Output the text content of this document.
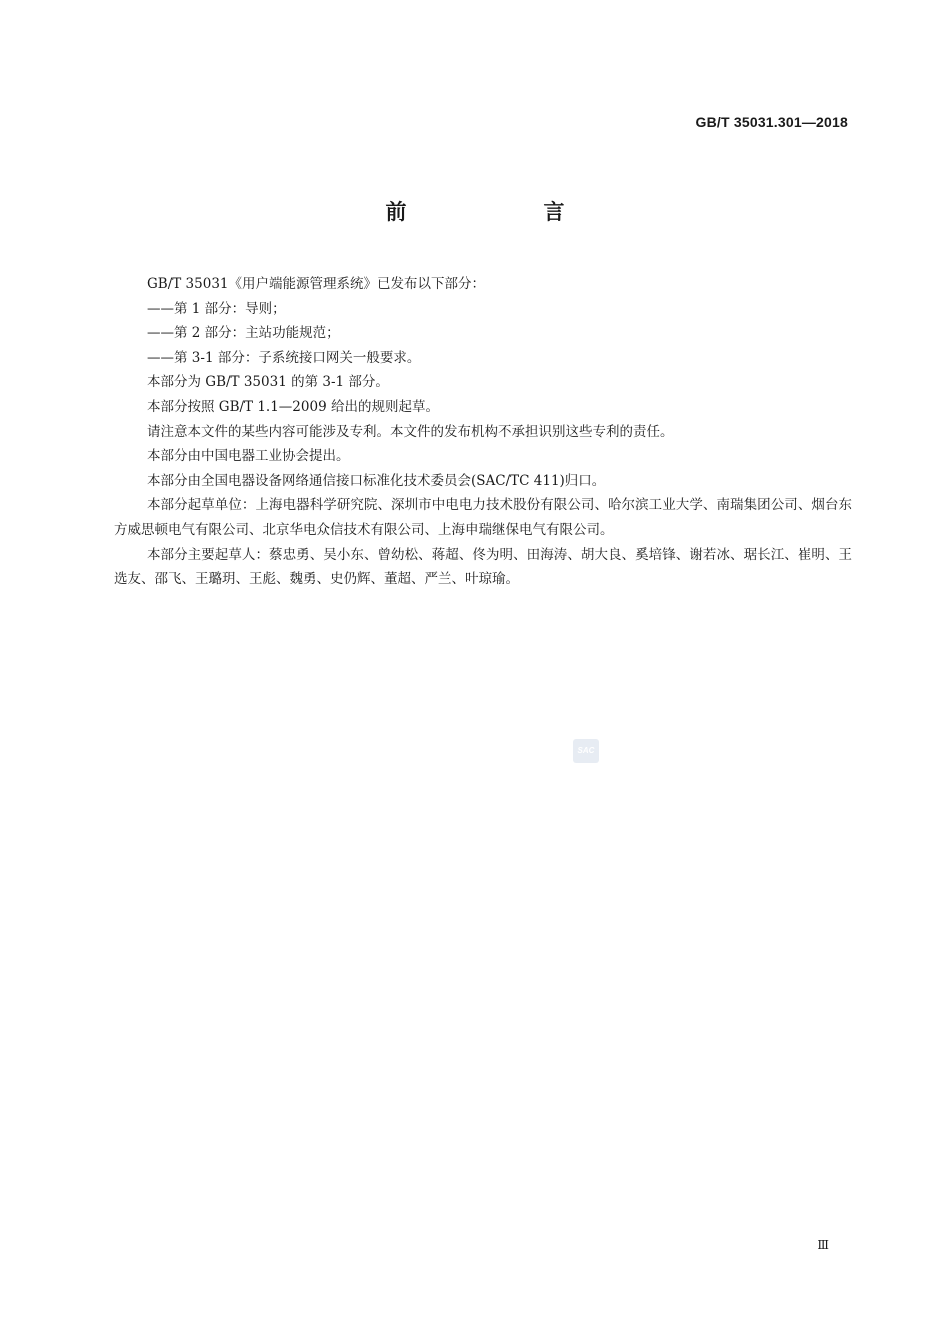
GB/T 35031.301—2018
前　言

GB/T 35031《用户端能源管理系统》已发布以下部分：

——第 1 部分：导则；

——第 2 部分：主站功能规范；

——第 3-1 部分：子系统接口网关一般要求。

本部分为 GB/T 35031 的第 3-1 部分。

本部分按照 GB/T 1.1—2009 给出的规则起草。

请注意本文件的某些内容可能涉及专利。本文件的发布机构不承担识别这些专利的责任。

本部分由中国电器工业协会提出。

本部分由全国电器设备网络通信接口标准化技术委员会(SAC/TC 411)归口。

本部分起草单位：上海电器科学研究院、深圳市中电电力技术股份有限公司、哈尔滨工业大学、南瑞集团公司、烟台东方威思顿电气有限公司、北京华电众信技术有限公司、上海申瑞继保电气有限公司。

本部分主要起草人：蔡忠勇、吴小东、曾幼松、蒋超、佟为明、田海涛、胡大良、奚培锋、谢若冰、琚长江、崔明、王选友、邵飞、王璐玥、王彪、魏勇、史仍辉、董超、严兰、叶琼瑜。

SAC
Ⅲ
